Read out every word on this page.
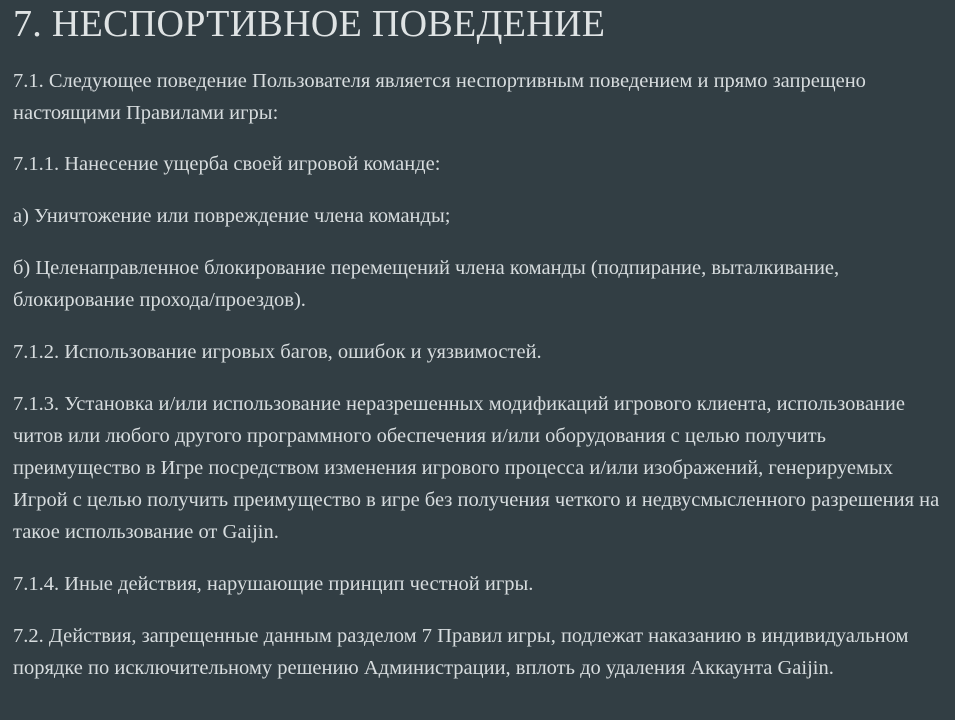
7. НЕСПОРТИВНОЕ ПОВЕДЕНИЕ

7.1. Следующее поведение Пользователя является неспортивным поведением и прямо запрещено настоящими Правилами игры:

7.1.1. Нанесение ущерба своей игровой команде:

а) Уничтожение или повреждение члена команды;

б) Целенаправленное блокирование перемещений члена команды (подпирание, выталкивание, блокирование прохода/проездов).

7.1.2. Использование игровых багов, ошибок и уязвимостей.

7.1.3. Установка и/или использование неразрешенных модификаций игрового клиента, использование читов или любого другого программного обеспечения и/или оборудования с целью получить преимущество в Игре посредством изменения игрового процесса и/или изображений, генерируемых Игрой с целью получить преимущество в игре без получения четкого и недвусмысленного разрешения на такое использование от Gaijin.

7.1.4. Иные действия, нарушающие принцип честной игры.

7.2. Действия, запрещенные данным разделом 7 Правил игры, подлежат наказанию в индивидуальном порядке по исключительному решению Администрации, вплоть до удаления Аккаунта Gaijin.
